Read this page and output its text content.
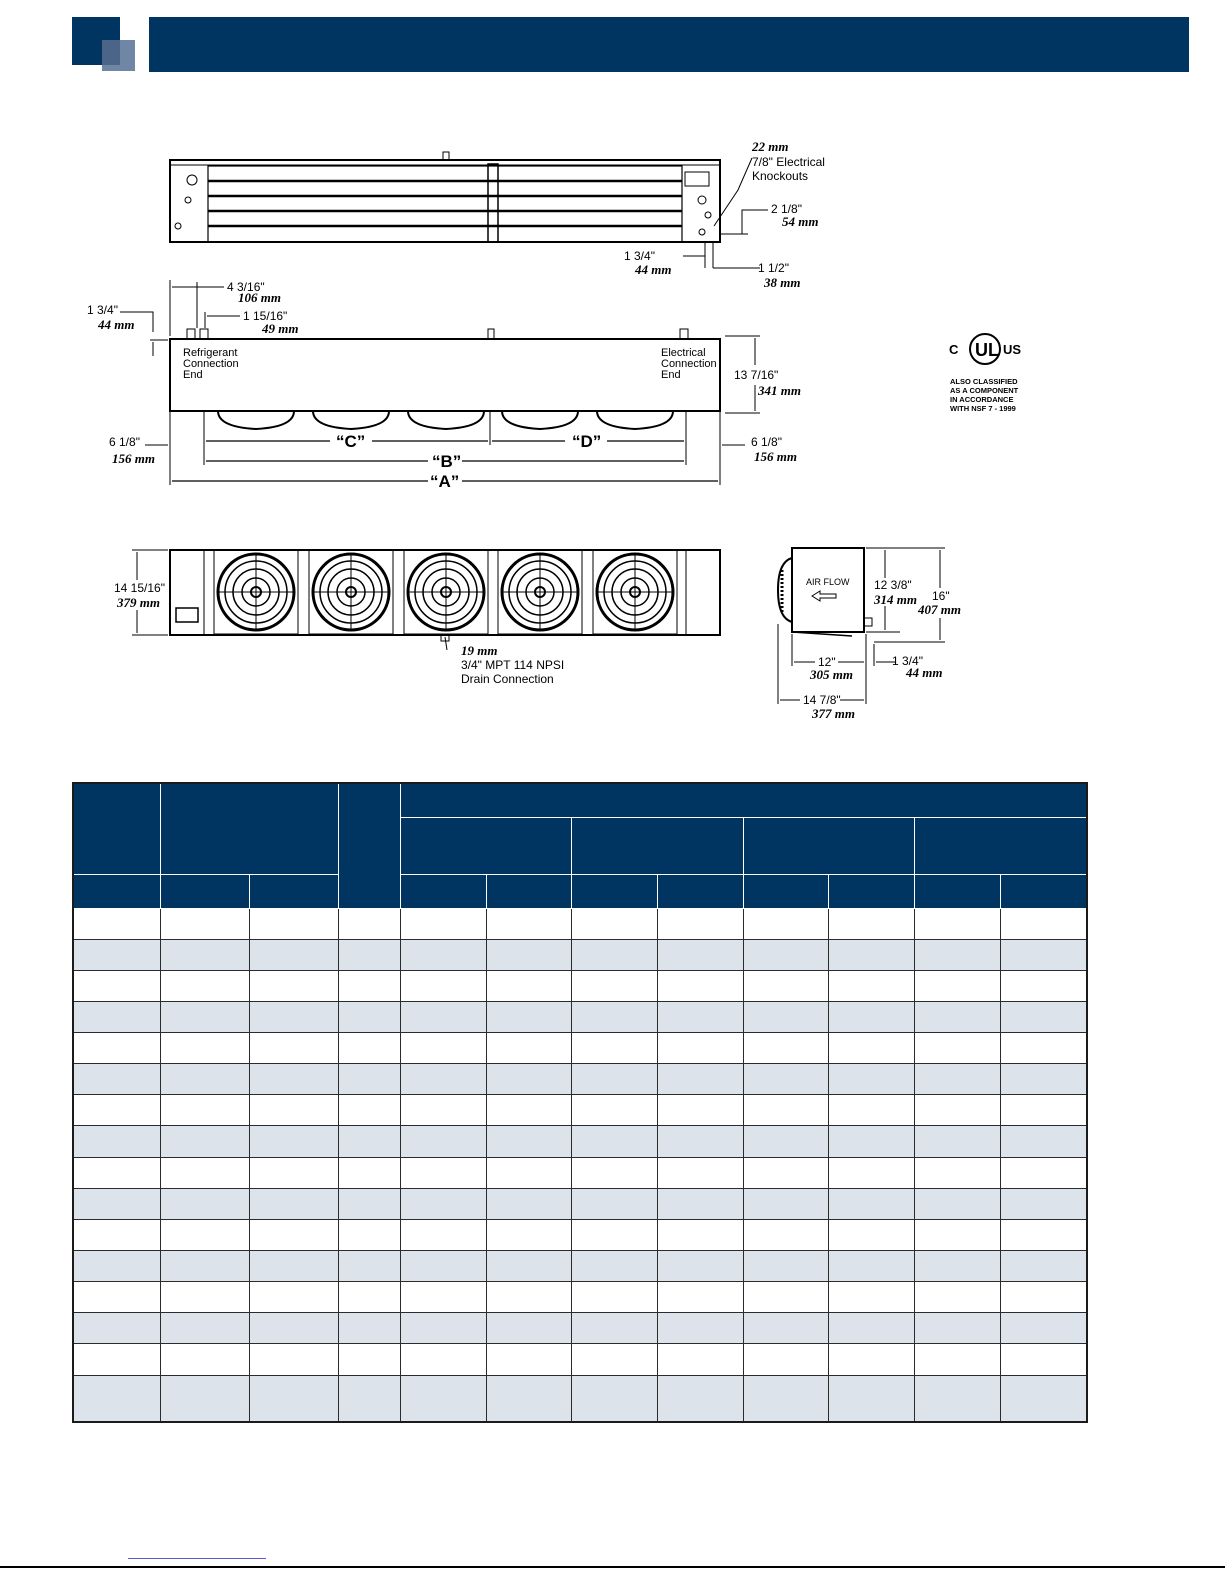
22 mm
7/8" Electrical
Knockouts
2 1/8"
54 mm
1 3/4"
44 mm	1 1/2"
38 mm
4 3/16"
106 mm
1 3/4"
44 mm
1 15/16"
49 mm
Refrigerant
Connection
End
Electrical
Connection
End	13 7/16"
341 mm
6 1/8"
156 mm
6 1/8"
156 mm
“C”	“D”
“B”
“A”
14 15/16"
379 mm
19 mm
3/4" MPT 114 NPSI
Drain Connection
AIR FLOW 12 3/8"
314 mm 16"
407 mm
12"
305 mm
1 3/4"
44 mm
14 7/8"
377 mm
UL
C	US
ALSO CLASSIFIED
AS A COMPONENT
IN ACCORDANCE
WITH NSF 7 - 1999
